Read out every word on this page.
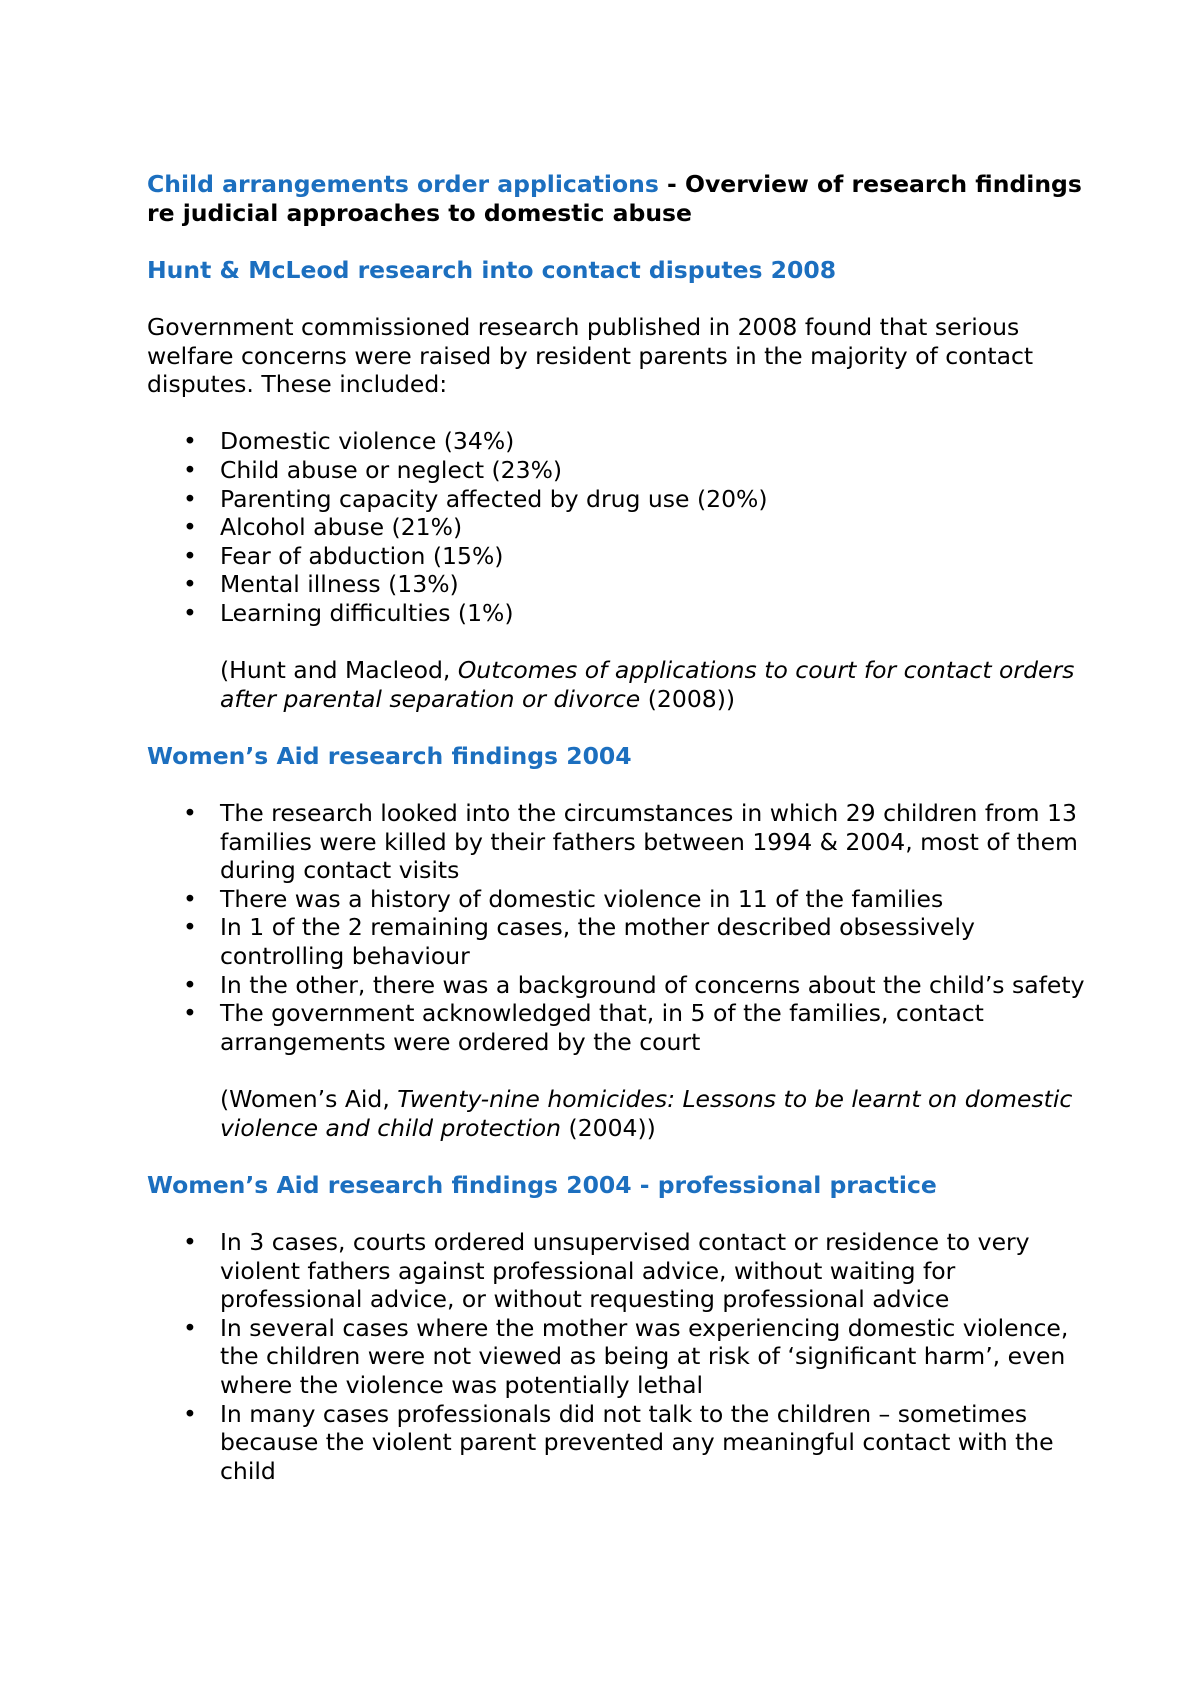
Child arrangements order applications - Overview of research findings re judicial approaches to domestic abuse

Hunt & McLeod research into contact disputes 2008

Government commissioned research published in 2008 found that serious welfare concerns were raised by resident parents in the majority of contact disputes. These included:

• Domestic violence (34%)
• Child abuse or neglect (23%)
• Parenting capacity affected by drug use (20%)
• Alcohol abuse (21%)
• Fear of abduction (15%)
• Mental illness (13%)
• Learning difficulties (1%)

(Hunt and Macleod, Outcomes of applications to court for contact orders after parental separation or divorce (2008))

Women’s Aid research findings 2004
• The research looked into the circumstances in which 29 children from 13 families were killed by their fathers between 1994 & 2004, most of them during contact visits
• There was a history of domestic violence in 11 of the families
• In 1 of the 2 remaining cases, the mother described obsessively controlling behaviour
• In the other, there was a background of concerns about the child’s safety
• The government acknowledged that, in 5 of the families, contact arrangements were ordered by the court

(Women’s Aid, Twenty-nine homicides: Lessons to be learnt on domestic violence and child protection (2004))

Women’s Aid research findings 2004 - professional practice
• In 3 cases, courts ordered unsupervised contact or residence to very violent fathers against professional advice, without waiting for professional advice, or without requesting professional advice
• In several cases where the mother was experiencing domestic violence, the children were not viewed as being at risk of ‘significant harm’, even where the violence was potentially lethal
• In many cases professionals did not talk to the children – sometimes because the violent parent prevented any meaningful contact with the child
